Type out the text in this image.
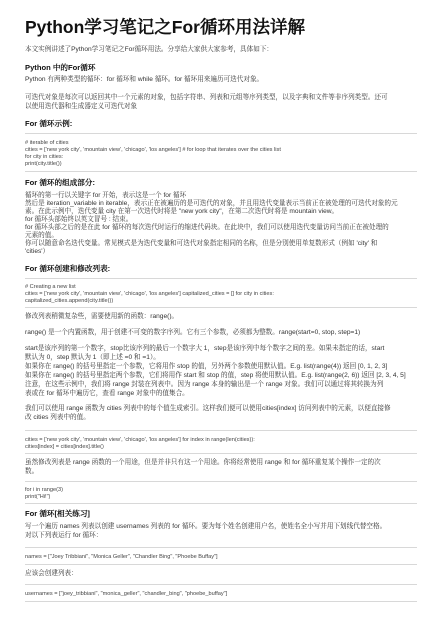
Python学习笔记之For循环用法详解
本文实例讲述了Python学习笔记之For循环用法。分享给大家供大家参考，具体如下：
Python 中的For循环
Python 有两种类型的循环：for 循环和 while 循环。for 循环用来遍历可迭代对象。
可迭代对象是每次可以返回其中一个元素的对象，包括字符串、列表和元组等序列类型，以及字典和文件等非序列类型。还可
以使用迭代器和生成器定义可迭代对象
For 循环示例:
# iterable of cities
cities = ['new york city', 'mountain view', 'chicago', 'los angeles'] # for loop that iterates over the cities list
for city in cities:
print(city.title())
For 循环的组成部分:
循环的第一行以关键字 for 开始，表示这是一个 for 循环
然后是 iteration_variable in iterable，表示正在被遍历的是可迭代的对象，并且用迭代变量表示当前正在被处理的可迭代对象的元
素。在此示例中，迭代变量 city 在第一次迭代时将是 "new york city"，在第二次迭代时将是 mountain view。
for 循环头部始终以英文冒号 : 结束。
for 循环头部之后的是在此 for 循环的每次迭代时运行的缩进代码块。在此块中，我们可以使用迭代变量访问当前正在被处理的
元素的值。
你可以随意命名迭代变量。常见模式是为迭代变量和可迭代对象指定相同的名称，但是分别使用单复数形式（例如 'city' 和
'cities'）
For 循环创建和修改列表:
# Creating a new list
cities = ['new york city', 'mountain view', 'chicago', 'los angeles'] capitalized_cities = [] for city in cities:
capitalized_cities.append(city.title())
修改列表稍微复杂些，需要使用新的函数：range()。
range() 是一个内置函数，用于创建不可变的数字序列。它有三个参数，必须都为整数。range(start=0, stop, step=1)
start是该序列的第一个数字，stop比该序列的最后一个数字大 1，step是该序列中每个数字之间的差。如果未指定的话，start
默认为 0，step 默认为 1（即上述 =0 和 =1）。
如果你在 range() 的括号里指定一个参数，它将用作 stop 的值，另外两个参数使用默认值。E.g. list(range(4)) 返回 [0, 1, 2, 3]
如果你在 range() 的括号里指定两个参数，它们将用作 start 和 stop 的值，step 将使用默认值。E.g. list(range(2, 6)) 返回 [2, 3, 4, 5]
注意，在这些示例中，我们将 range 封装在列表中。因为 range 本身的输出是一个 range 对象。我们可以通过将其转换为列
表或在 for 循环中遍历它，查看 range 对象中的值集合。
我们可以使用 range 函数为 cities 列表中的每个值生成索引。这样我们便可以使用cities[index] 访问列表中的元素，以便直接修
改 cities 列表中的值。
cities = ['new york city', 'mountain view', 'chicago', 'los angeles'] for index in range(len(cities)):
cities[index] = cities[index].title()
虽然修改列表是 range 函数的一个用途，但是并非只有这一个用途。你将经常使用 range 和 for 循环重复某个操作一定的次
数。
for i in range(3)
print("Hi!")
For 循环[相关练习]
写一个遍历 names 列表以创建 usernames 列表的 for 循环。要为每个姓名创建用户名，使姓名全小写并用下划线代替空格。
对以下列表运行 for 循环：
names = ["Joey Tribbiani", "Monica Geller", "Chandler Bing", "Phoebe Buffay"]
应该会创建列表：
usernames = ["joey_tribbiani", "monica_geller", "chandler_bing", "phoebe_buffay"]
